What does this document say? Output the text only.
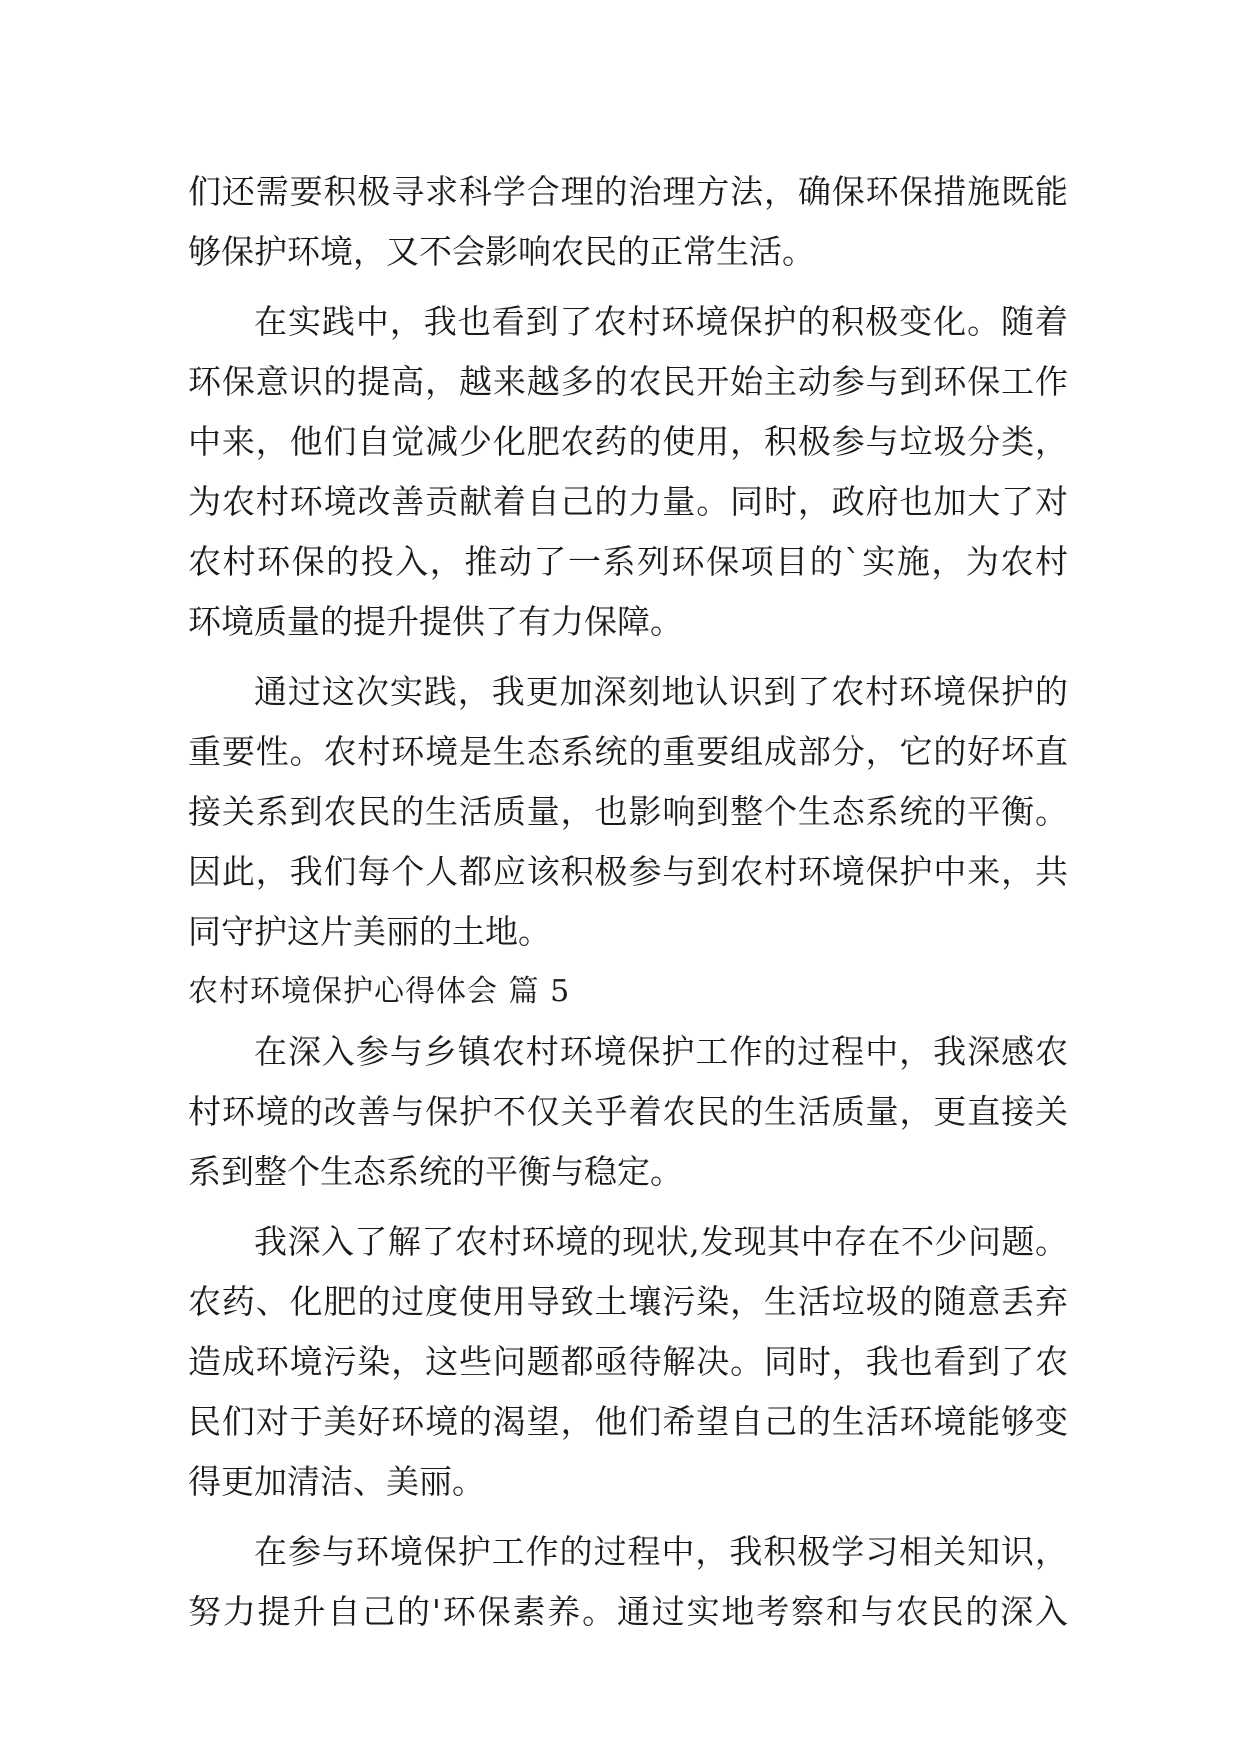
们还需要积极寻求科学合理的治理方法，确保环保措施既能
够保护环境，又不会影响农民的正常生活。
在实践中，我也看到了农村环境保护的积极变化。随着
环保意识的提高，越来越多的农民开始主动参与到环保工作
中来，他们自觉减少化肥农药的使用，积极参与垃圾分类，
为农村环境改善贡献着自己的力量。同时，政府也加大了对
农村环保的投入，推动了一系列环保项目的`实施，为农村
环境质量的提升提供了有力保障。
通过这次实践，我更加深刻地认识到了农村环境保护的
重要性。农村环境是生态系统的重要组成部分，它的好坏直
接关系到农民的生活质量，也影响到整个生态系统的平衡。
因此，我们每个人都应该积极参与到农村环境保护中来，共
同守护这片美丽的土地。
农村环境保护心得体会 篇 5
在深入参与乡镇农村环境保护工作的过程中，我深感农
村环境的改善与保护不仅关乎着农民的生活质量，更直接关
系到整个生态系统的平衡与稳定。
我深入了解了农村环境的现状,发现其中存在不少问题。
农药、化肥的过度使用导致土壤污染，生活垃圾的随意丢弃
造成环境污染，这些问题都亟待解决。同时，我也看到了农
民们对于美好环境的渴望，他们希望自己的生活环境能够变
得更加清洁、美丽。
在参与环境保护工作的过程中，我积极学习相关知识，
努力提升自己的'环保素养。通过实地考察和与农民的深入
